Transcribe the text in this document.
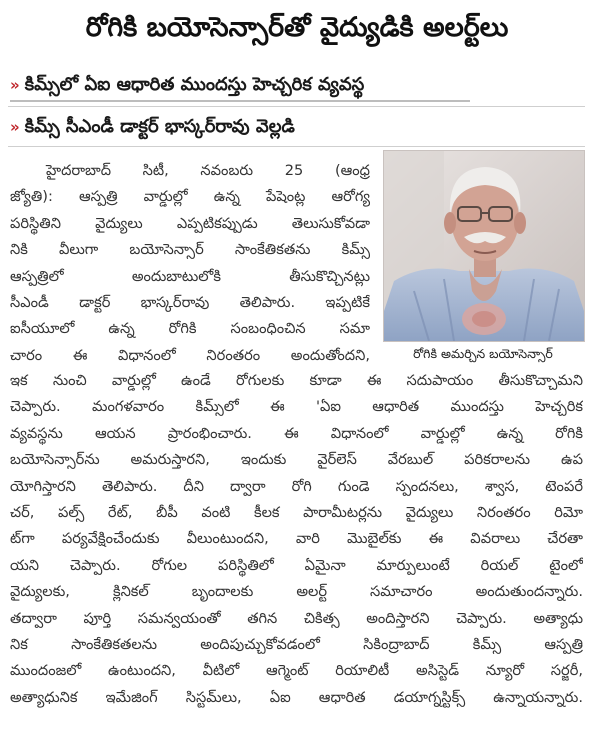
రోగికి బయోసెన్సార్‌తో వైద్యుడికి అలర్ట్‌లు
» కిమ్స్‌లో ఏఐ ఆధారిత ముందస్తు హెచ్చరిక వ్యవస్థ
» కిమ్స్ సీఎండీ డాక్టర్ భాస్కర్‌రావు వెల్లడి
హైదరాబాద్ సిటీ, నవంబరు 25 (ఆంధ్ర
జ్యోతి): ఆస్పత్రి వార్డుల్లో ఉన్న పేషెంట్ల ఆరోగ్య
పరిస్థితిని వైద్యులు ఎప్పటికప్పుడు తెలుసుకోవడా
నికి వీలుగా బయోసెన్సార్ సాంకేతికతను కిమ్స్
ఆస్పత్రిలో అందుబాటులోకి తీసుకొచ్చినట్లు
సీఎండీ డాక్టర్ భాస్కర్‌రావు తెలిపారు. ఇప్పటికే
ఐసీయూలో ఉన్న రోగికి సంబంధించిన సమా
చారం ఈ విధానంలో నిరంతరం అందుతోందని,	రోగికి అమర్చిన బయోసెన్సార్
ఇక నుంచి వార్డుల్లో ఉండే రోగులకు కూడా ఈ సదుపాయం తీసుకొచ్చామని
చెప్పారు. మంగళవారం కిమ్స్‌లో ఈ 'ఏఐ ఆధారిత ముందస్తు హెచ్చరిక
వ్యవస్థను ఆయన ప్రారంభించారు. ఈ విధానంలో వార్డుల్లో ఉన్న రోగికి
బయోసెన్సార్‌ను అమరుస్తారని, ఇందుకు వైర్‌లెస్ వేరబుల్ పరికరాలను ఉప
యోగిస్తారని తెలిపారు. దీని ద్వారా రోగి గుండె స్పందనలు, శ్వాస, టెంపరే
చర్, పల్స్ రేట్, బీపీ వంటి కీలక పారామీటర్లను వైద్యులు నిరంతరం రిమో
ట్‌గా పర్యవేక్షించేందుకు వీలుంటుందని, వారి మొబైల్‌కు ఈ వివరాలు చేరతా
యని చెప్పారు. రోగుల పరిస్థితిలో ఏమైనా మార్పులుంటే రియల్ టైంలో
వైద్యులకు, క్లినికల్ బృందాలకు అలర్ట్ సమాచారం అందుతుందన్నారు.
తద్వారా పూర్తి సమన్వయంతో తగిన చికిత్స అందిస్తారని చెప్పారు. అత్యాధు
నిక సాంకేతికతలను అందిపుచ్చుకోవడంలో సికింద్రాబాద్ కిమ్స్ ఆస్పత్రి
ముందంజలో ఉంటుందని, వీటిలో ఆగ్మెంట్ రియాలిటీ అసిస్టెడ్ న్యూరో సర్జరీ,
అత్యాధునిక ఇమేజింగ్ సిస్టమ్‌లు, ఏఐ ఆధారిత డయాగ్నస్టిక్స్ ఉన్నాయన్నారు.
